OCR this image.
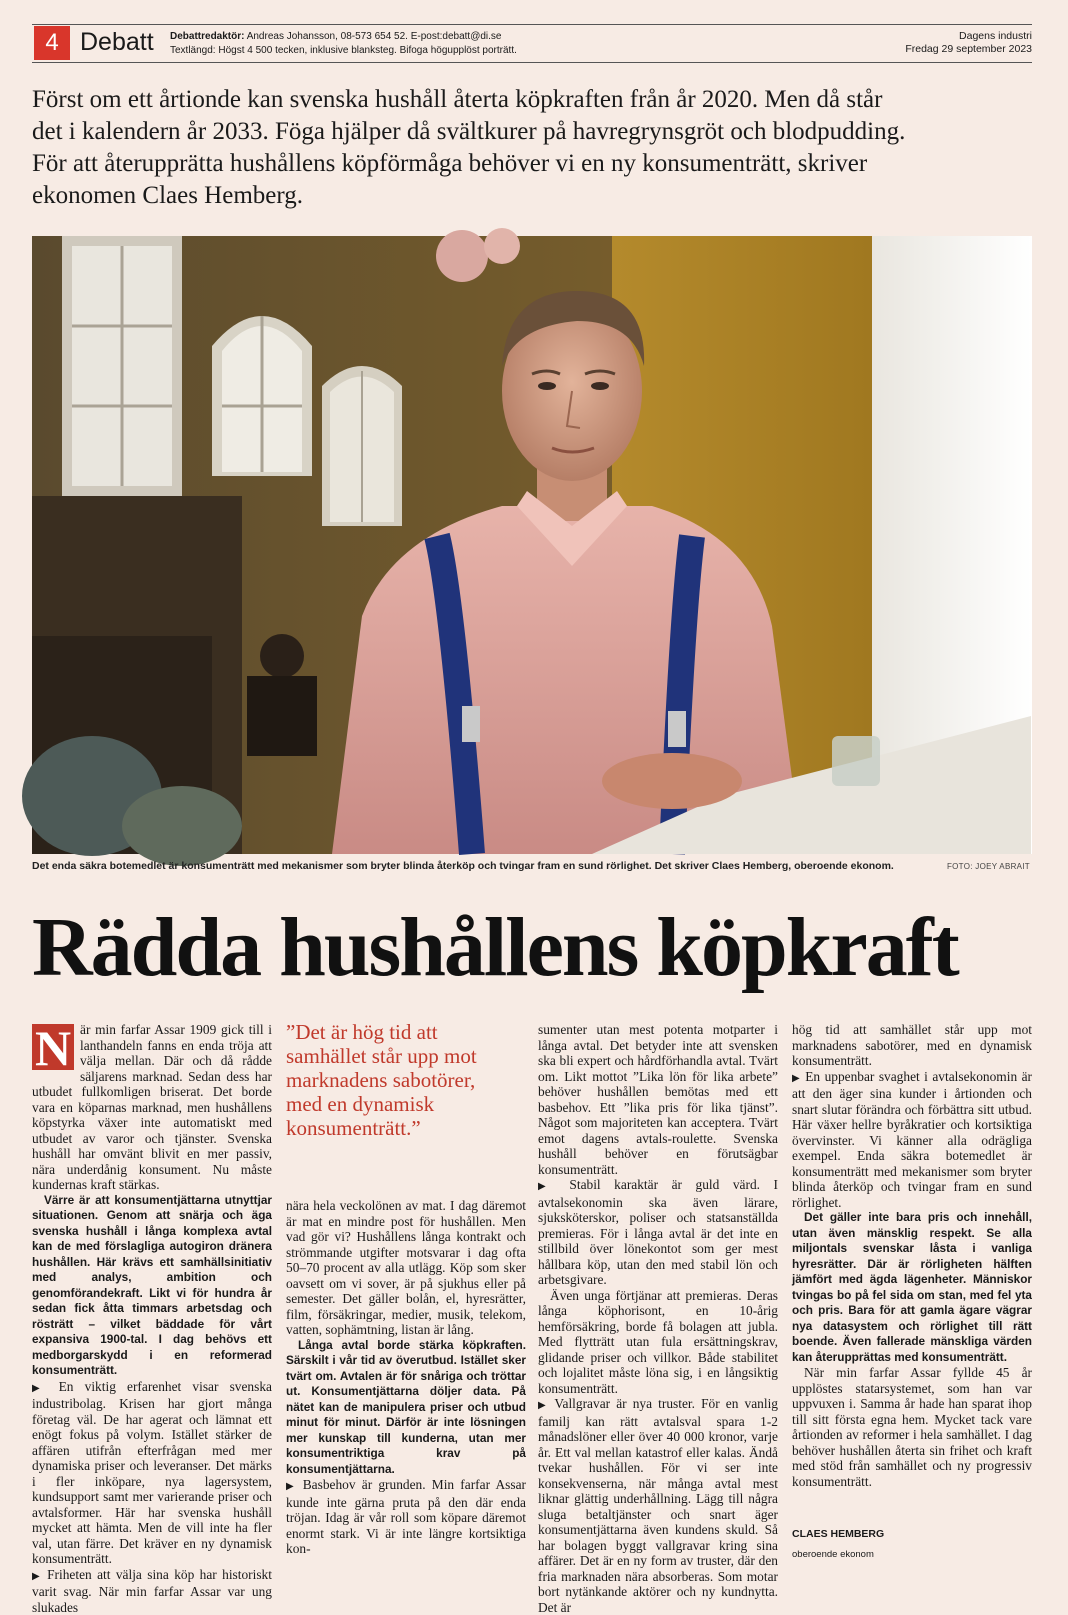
4 Debatt Debattredaktör: Andreas Johansson, 08-573 654 52. E-post:debatt@di.se
Textlängd: Högst 4 500 tecken, inklusive blanksteg. Bifoga högupplöst porträtt.
Dagens industri
Fredag 29 september 2023
Först om ett årtionde kan svenska hushåll återta köpkraften från år 2020. Men då står det i kalendern år 2033. Föga hjälper då svältkurer på havregrynsgröt och blodpudding. För att återupprätta hushållens köpförmåga behöver vi en ny konsumenträtt, skriver ekonomen Claes Hemberg.
Det enda säkra botemedlet är konsumenträtt med mekanismer som bryter blinda återköp och tvingar fram en sund rörlighet. Det skriver Claes Hemberg, oberoende ekonom.	FOTO: JOEY ABRAIT
Rädda hushållens köpkraft

N är min farfar Assar 1909 gick till i lanthandeln fanns en enda tröja att välja mellan. Där och då rådde säljarens marknad. Sedan dess har utbudet fullkomligen briserat. Det borde vara en köparnas marknad, men hushållens köpstyrka växer inte automatiskt med utbudet av varor och tjänster. Svenska hushåll har omvänt blivit en mer passiv, nära underdånig konsument. Nu måste kundernas kraft stärkas.

Värre är att konsumentjättarna utnyttjar situationen. Genom att snärja och äga svenska hushåll i långa komplexa avtal kan de med förslagliga autogiron dränera hushållen. Här krävs ett samhällsinitiativ med analys, ambition och genomförandekraft. Likt vi för hundra år sedan fick åtta timmars arbetsdag och rösträtt – vilket bäddade för vårt expansiva 1900-tal. I dag behövs ett medborgarskydd i en reformerad konsumenträtt.

▶ En viktig erfarenhet visar svenska industribolag. Krisen har gjort många företag väl. De har agerat och lämnat ett enögt fokus på volym. Istället stärker de affären utifrån efterfrågan med mer dynamiska priser och leveranser. Det märks i fler inköpare, nya lagersystem, kundsupport samt mer varierande priser och avtalsformer. Här har svenska hushåll mycket att hämta. Men de vill inte ha fler val, utan färre. Det kräver en ny dynamisk konsumenträtt.

▶ Friheten att välja sina köp har historiskt varit svag. När min farfar Assar var ung slukades

”Det är hög tid att samhället står upp mot marknadens sabotörer, med en dynamisk konsumenträtt.”

nära hela veckolönen av mat. I dag däremot är mat en mindre post för hushållen. Men vad gör vi? Hushållens långa kontrakt och strömmande utgifter motsvarar i dag ofta 50–70 procent av alla utlägg. Köp som sker oavsett om vi sover, är på sjukhus eller på semester. Det gäller bolån, el, hyresrätter, film, försäkringar, medier, musik, telekom, vatten, sophämtning, listan är lång.

Långa avtal borde stärka köpkraften. Särskilt i vår tid av överutbud. Istället sker tvärt om. Avtalen är för snåriga och tröttar ut. Konsumentjättarna döljer data. På nätet kan de manipulera priser och utbud minut för minut. Därför är inte lösningen mer kunskap till kunderna, utan mer konsumentriktiga krav på konsumentjättarna.

▶ Basbehov är grunden. Min farfar Assar kunde inte gärna pruta på den där enda tröjan. Idag är vår roll som köpare däremot enormt stark. Vi är inte längre kortsiktiga kon-

sumenter utan mest potenta motparter i långa avtal. Det betyder inte att svensken ska bli expert och hårdförhandla avtal. Tvärt om. Likt mottot ”Lika lön för lika arbete” behöver hushållen bemötas med ett basbehov. Ett ”lika pris för lika tjänst”. Något som majoriteten kan acceptera. Tvärt emot dagens avtals-roulette. Svenska hushåll behöver en förutsägbar konsumenträtt.

▶ Stabil karaktär är guld värd. I avtalsekonomin ska även lärare, sjuksköterskor, poliser och statsanställda premieras. För i långa avtal är det inte en stillbild över lönekontot som ger mest hållbara köp, utan den med stabil lön och arbetsgivare.

Även unga förtjänar att premieras. Deras långa köphorisont, en 10-årig hemförsäkring, borde få bolagen att jubla. Med flytträtt utan fula ersättningskrav, glidande priser och villkor. Både stabilitet och lojalitet måste löna sig, i en långsiktig konsumenträtt.

▶ Vallgravar är nya truster. För en vanlig familj kan rätt avtalsval spara 1-2 månadslöner eller över 40 000 kronor, varje år. Ett val mellan katastrof eller kalas. Ändå tvekar hushållen. För vi ser inte konsekvenserna, när många avtal mest liknar glättig underhållning. Lägg till några sluga betaltjänster och snart äger konsumentjättarna även kundens skuld. Så har bolagen byggt vallgravar kring sina affärer. Det är en ny form av truster, där den fria marknaden nära absorberas. Som motar bort nytänkande aktörer och ny kundnytta. Det är

hög tid att samhället står upp mot marknadens sabotörer, med en dynamisk konsumenträtt.

▶ En uppenbar svaghet i avtalsekonomin är att den äger sina kunder i årtionden och snart slutar förändra och förbättra sitt utbud. Här växer hellre byråkratier och kortsiktiga övervinster. Vi känner alla odrägliga exempel. Enda säkra botemedlet är konsumenträtt med mekanismer som bryter blinda återköp och tvingar fram en sund rörlighet.

Det gäller inte bara pris och innehåll, utan även mänsklig respekt. Se alla miljontals svenskar låsta i vanliga hyresrätter. Där är rörligheten hälften jämfört med ägda lägenheter. Människor tvingas bo på fel sida om stan, med fel yta och pris. Bara för att gamla ägare vägrar nya datasystem och rörlighet till rätt boende. Även fallerade mänskliga värden kan återupprättas med konsumenträtt.

När min farfar Assar fyllde 45 år upplöstes statarsystemet, som han var uppvuxen i. Samma år hade han sparat ihop till sitt första egna hem. Mycket tack vare årtionden av reformer i hela samhället. I dag behöver hushållen återta sin frihet och kraft med stöd från samhället och ny progressiv konsumenträtt.

CLAES HEMBERG
oberoende ekonom
